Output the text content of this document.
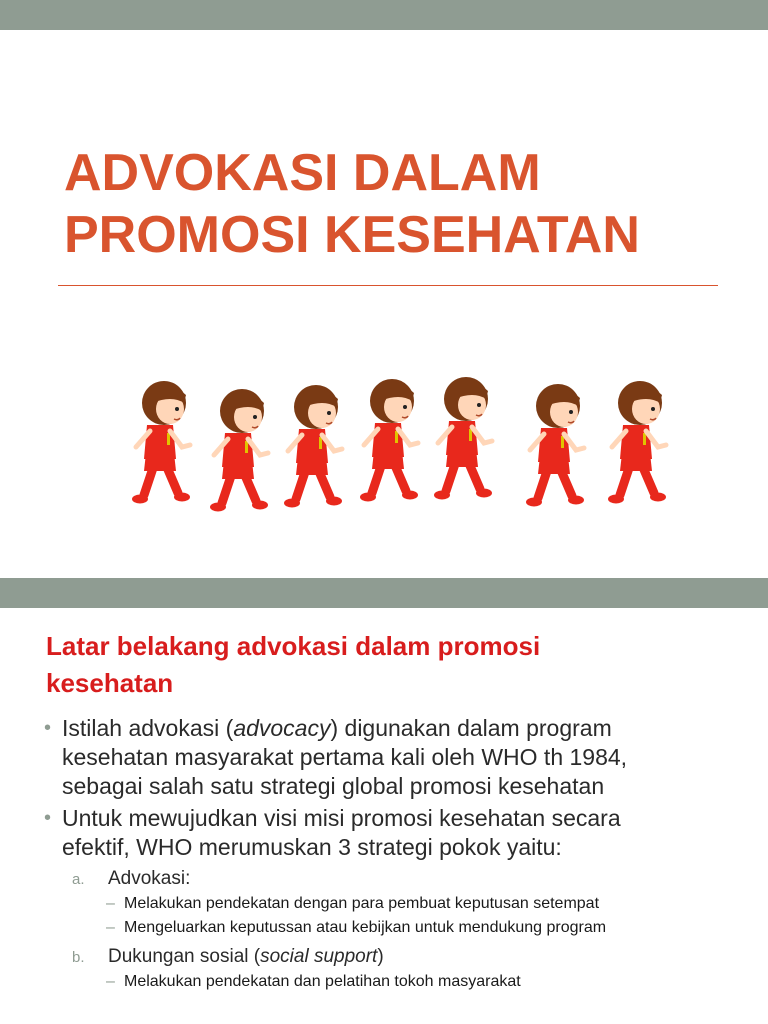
ADVOKASI DALAM
PROMOSI KESEHATAN
Latar belakang advokasi dalam promosi
kesehatan
• Istilah advokasi (advocacy) digunakan dalam program
kesehatan masyarakat pertama kali oleh WHO th 1984,
sebagai salah satu strategi global promosi kesehatan
• Untuk mewujudkan visi misi promosi kesehatan secara
efektif, WHO merumuskan 3 strategi pokok yaitu:
a. Advokasi:
– Melakukan pendekatan dengan para pembuat keputusan setempat
– Mengeluarkan keputussan atau kebijkan untuk mendukung program
b. Dukungan sosial (social support)
– Melakukan pendekatan dan pelatihan tokoh masyarakat
